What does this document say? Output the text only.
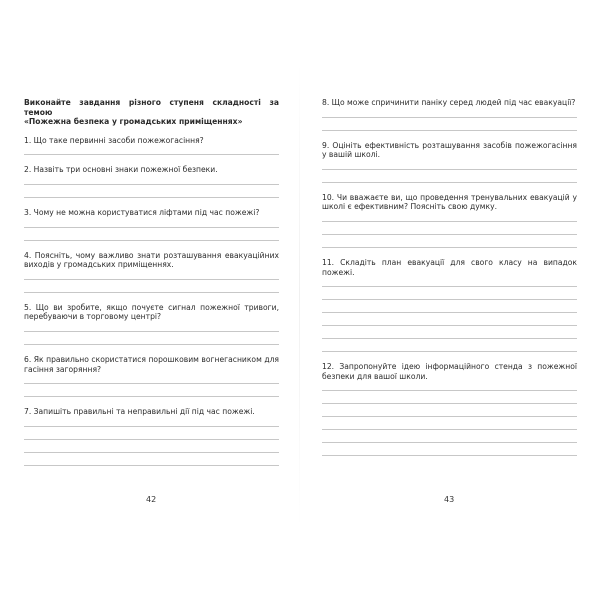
Виконайте завдання різного ступеня складності за темою
«Пожежна безпека у громадських приміщеннях»
1. Що таке первинні засоби пожежогасіння?
2. Назвіть три основні знаки пожежної безпеки.
3. Чому не можна користуватися ліфтами під час пожежі?
4. Поясніть, чому важливо знати розташування евакуаційних виходів у громадських приміщеннях.
5. Що ви зробите, якщо почуєте сигнал пожежної тривоги, перебуваючи в торговому центрі?
6. Як правильно скористатися порошковим вогнегасником для гасіння загоряння?
7. Запишіть правильні та неправильні дії під час пожежі.
8. Що може спричинити паніку серед людей під час евакуації?
9. Оцініть ефективність розташування засобів пожежогасіння у вашій школі.
10. Чи вважаєте ви, що проведення тренувальних евакуацій у школі є ефективним? Поясніть свою думку.
11. Складіть план евакуації для свого класу на випадок пожежі.
12. Запропонуйте ідею інформаційного стенда з пожежної безпеки для вашої школи.
42	43
